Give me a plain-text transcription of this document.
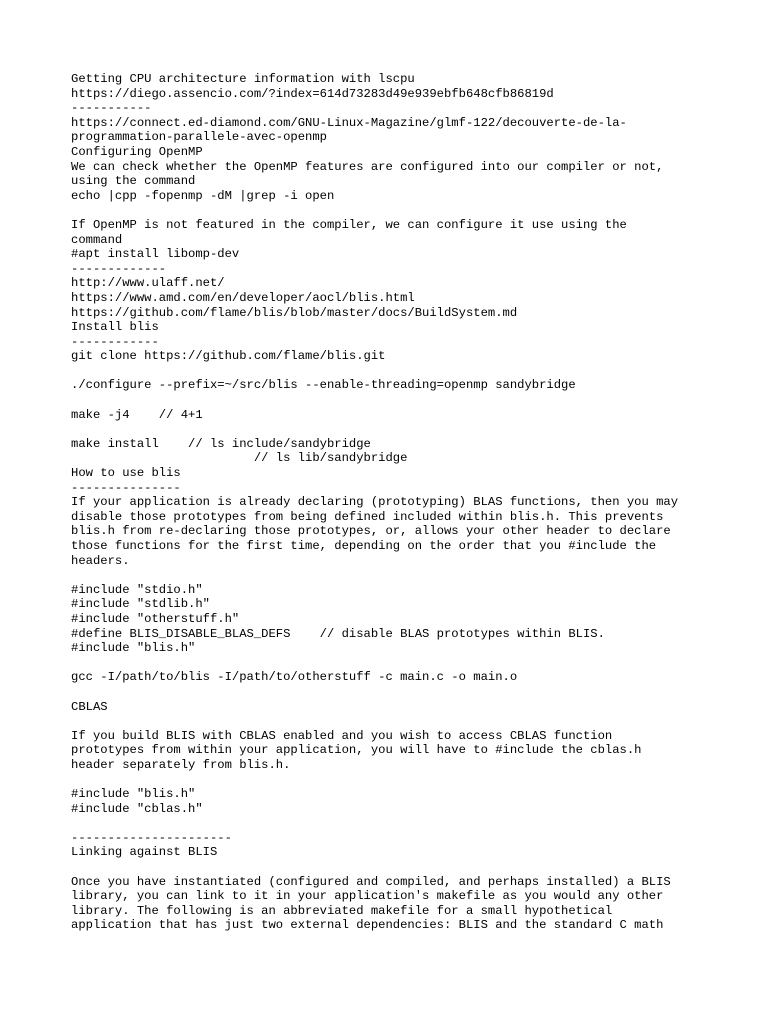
Getting CPU architecture information with lscpu
https://diego.assencio.com/?index=614d73283d49e939ebfb648cfb86819d
-----------
https://connect.ed-diamond.com/GNU-Linux-Magazine/glmf-122/decouverte-de-la-
programmation-parallele-avec-openmp
Configuring OpenMP
We can check whether the OpenMP features are configured into our compiler or not,
using the command
echo |cpp -fopenmp -dM |grep -i open
If OpenMP is not featured in the compiler, we can configure it use using the
command
#apt install libomp-dev
-------------
http://www.ulaff.net/
https://www.amd.com/en/developer/aocl/blis.html
https://github.com/flame/blis/blob/master/docs/BuildSystem.md
Install blis
------------
git clone https://github.com/flame/blis.git
./configure --prefix=~/src/blis --enable-threading=openmp sandybridge
make -j4    // 4+1
make install    // ls include/sandybridge
// ls lib/sandybridge
How to use blis
---------------
If your application is already declaring (prototyping) BLAS functions, then you may
disable those prototypes from being defined included within blis.h. This prevents
blis.h from re-declaring those prototypes, or, allows your other header to declare
those functions for the first time, depending on the order that you #include the
headers.
#include "stdio.h"
#include "stdlib.h"
#include "otherstuff.h"
#define BLIS_DISABLE_BLAS_DEFS    // disable BLAS prototypes within BLIS.
#include "blis.h"
gcc -I/path/to/blis -I/path/to/otherstuff -c main.c -o main.o
CBLAS
If you build BLIS with CBLAS enabled and you wish to access CBLAS function
prototypes from within your application, you will have to #include the cblas.h
header separately from blis.h.
#include "blis.h"
#include "cblas.h"
----------------------
Linking against BLIS
Once you have instantiated (configured and compiled, and perhaps installed) a BLIS
library, you can link to it in your application's makefile as you would any other
library. The following is an abbreviated makefile for a small hypothetical
application that has just two external dependencies: BLIS and the standard C math
